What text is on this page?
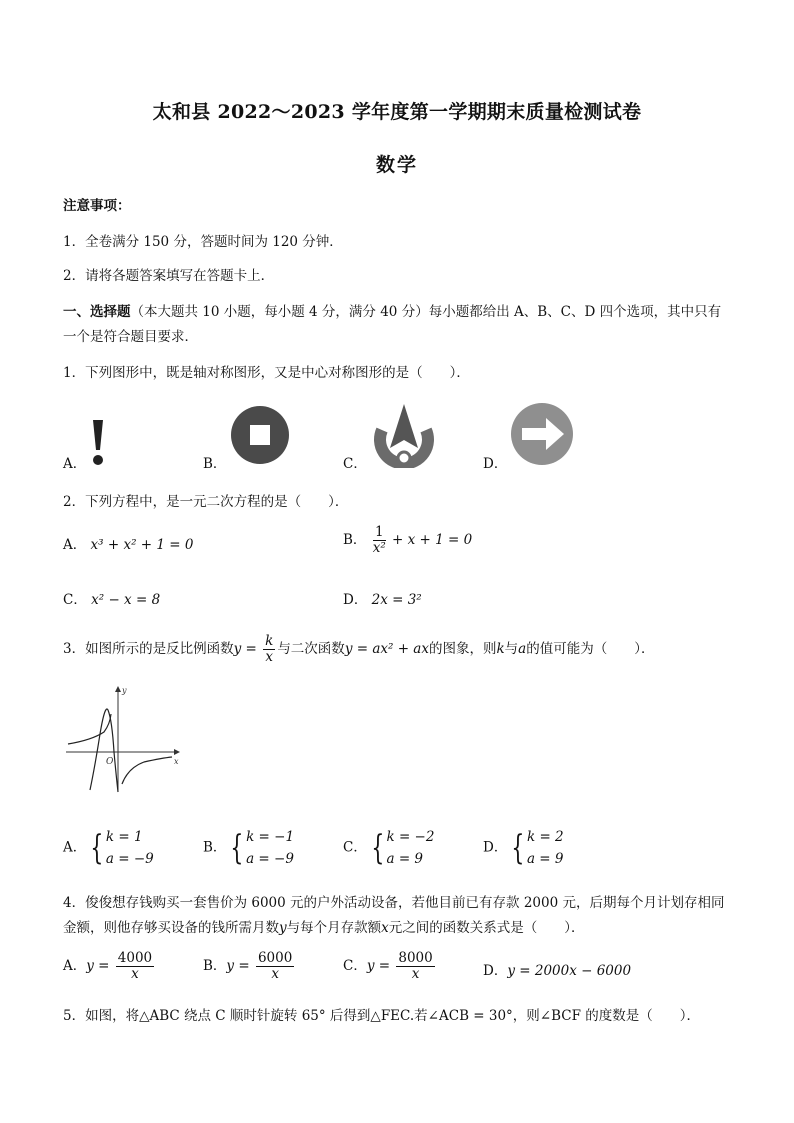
太和县 2022～2023 学年度第一学期期末质量检测试卷
数学
注意事项：
1．全卷满分 150 分，答题时间为 120 分钟．
2．请将各题答案填写在答题卡上．
一、选择题（本大题共 10 小题，每小题 4 分，满分 40 分）每小题都给出 A、B、C、D 四个选项，其中只有
一个是符合题目要求．
1．下列图形中，既是轴对称图形，又是中心对称图形的是（　　）．
A．	B．	C．	D．
2．下列方程中，是一元二次方程的是（　　）．
A． x³ + x² + 1 = 0	B． $\frac{1}{\text{x²}} + x + 1 = 0$
C． x² − x = 8	D． 2x = 3²
3．如图所示的是反比例函数$y = \frac{k}{x}$ 与二次函数y = ax² + ax的图象，则k与a的值可能为（　　）．
y
x
O
A． { k = 1
a = −9
B． { k = −1
a = −9
C． { k = −2
a = 9
D． { k = 2
a = 9
4．俊俊想存钱购买一套售价为 6000 元的户外活动设备，若他目前已有存款 2000 元，后期每个月计划存相同
金额，则他存够买设备的钱所需月数y与每个月存款额x元之间的函数关系式是（　　）．
A．$y = \frac{4000}{x}$	B．$y = \frac{6000}{x}$	C．$y = \frac{8000}{x}$	D．y = 2000x − 6000
5．如图，将△ABC 绕点 C 顺时针旋转 65° 后得到△FEC.若∠ACB = 30°，则∠BCF 的度数是（　　）．
